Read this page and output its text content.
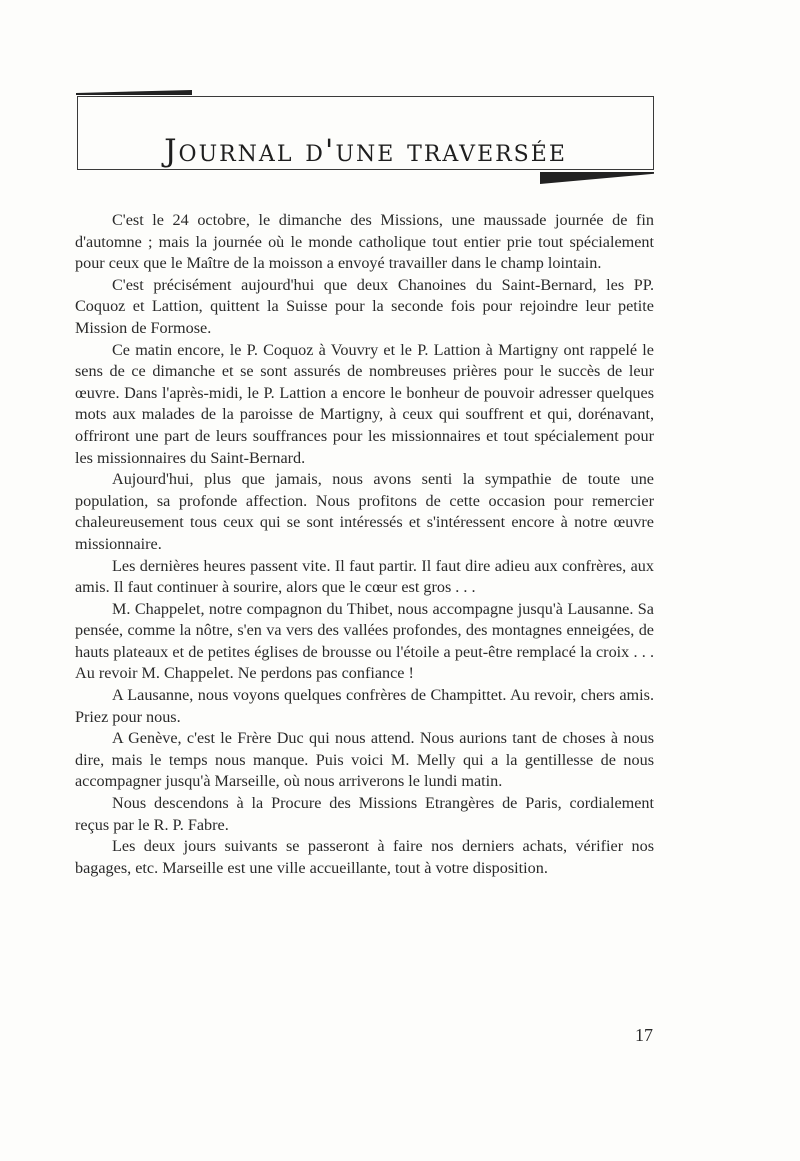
Journal d'une traversée

C'est le 24 octobre, le dimanche des Missions, une maussade journée de fin d'automne ; mais la journée où le monde catholique tout entier prie tout spécialement pour ceux que le Maître de la moisson a envoyé travailler dans le champ lointain.

C'est précisément aujourd'hui que deux Chanoines du Saint-Bernard, les PP. Coquoz et Lattion, quittent la Suisse pour la seconde fois pour rejoindre leur petite Mission de Formose.

Ce matin encore, le P. Coquoz à Vouvry et le P. Lattion à Martigny ont rappelé le sens de ce dimanche et se sont assurés de nombreuses prières pour le succès de leur œuvre. Dans l'après-midi, le P. Lattion a encore le bonheur de pouvoir adresser quelques mots aux malades de la paroisse de Martigny, à ceux qui souffrent et qui, dorénavant, offriront une part de leurs souffrances pour les missionnaires et tout spécialement pour les missionnaires du Saint-Bernard.

Aujourd'hui, plus que jamais, nous avons senti la sympathie de toute une population, sa profonde affection. Nous profitons de cette occasion pour remercier chaleureusement tous ceux qui se sont intéressés et s'intéressent encore à notre œuvre missionnaire.

Les dernières heures passent vite. Il faut partir. Il faut dire adieu aux confrères, aux amis. Il faut continuer à sourire, alors que le cœur est gros . . .

M. Chappelet, notre compagnon du Thibet, nous accompagne jusqu'à Lausanne. Sa pensée, comme la nôtre, s'en va vers des vallées profondes, des montagnes enneigées, de hauts plateaux et de petites églises de brousse ou l'étoile a peut-être remplacé la croix . . . Au revoir M. Chappelet. Ne perdons pas confiance !

A Lausanne, nous voyons quelques confrères de Champittet. Au revoir, chers amis. Priez pour nous.

A Genève, c'est le Frère Duc qui nous attend. Nous aurions tant de choses à nous dire, mais le temps nous manque. Puis voici M. Melly qui a la gentillesse de nous accompagner jusqu'à Marseille, où nous arriverons le lundi matin.

Nous descendons à la Procure des Missions Etrangères de Paris, cordialement reçus par le R. P. Fabre.

Les deux jours suivants se passeront à faire nos derniers achats, vérifier nos bagages, etc. Marseille est une ville accueillante, tout à votre disposition.

17
